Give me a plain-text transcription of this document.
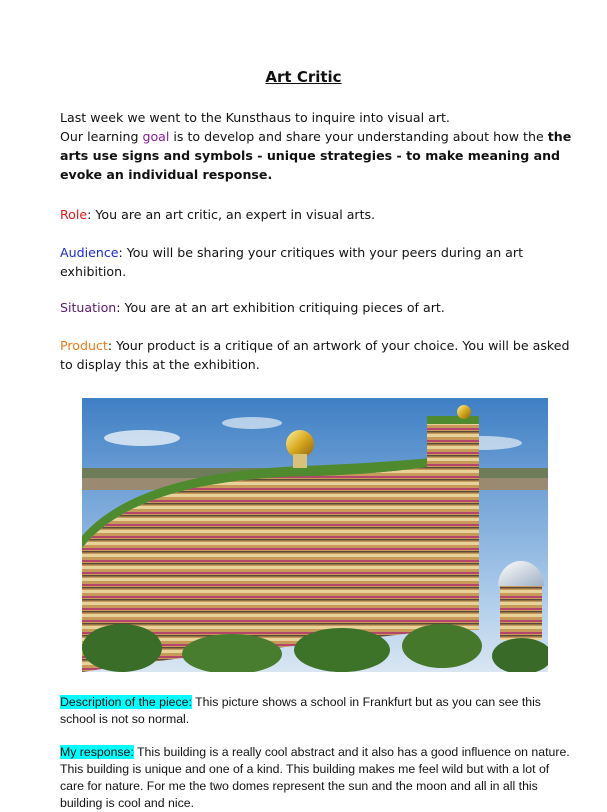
Art Critic
Last week we went to the Kunsthaus to inquire into visual art.
Our learning goal is to develop and share your understanding about how the the arts use signs and symbols - unique strategies - to make meaning and evoke an individual response.
Role: You are an art critic, an expert in visual arts.
Audience: You will be sharing your critiques with your peers during an art exhibition.
Situation: You are at an art exhibition critiquing pieces of art.
Product: Your product is a critique of an artwork of your choice. You will be asked to display this at the exhibition.
Description of the piece: This picture shows a school in Frankfurt but as you can see this school is not so normal.
My response: This building is a really cool abstract and it also has a good influence on nature. This building is unique and one of a kind. This building makes me feel wild but with a lot of care for nature. For me the two domes represent the sun and the moon and all in all this building is cool and nice.
